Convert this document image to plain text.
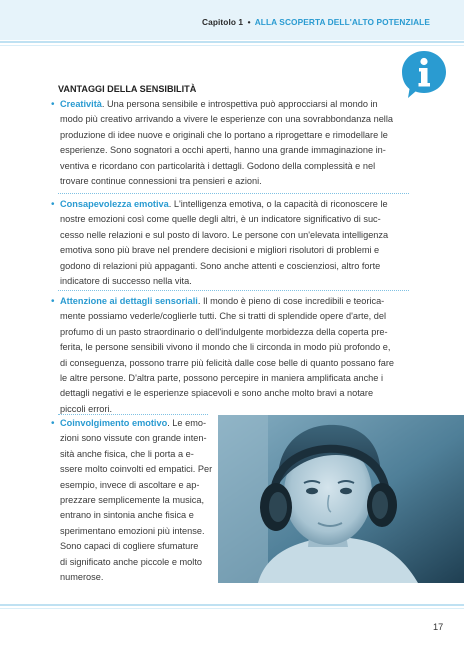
Capitolo 1 • ALLA SCOPERTA DELL'ALTO POTENZIALE
VANTAGGI DELLA SENSIBILITÀ
• Creatività. Una persona sensibile e introspettiva può approcciarsi al mondo in
modo più creativo arrivando a vivere le esperienze con una sovrabbondanza nella
produzione di idee nuove e originali che lo portano a riprogettare e rimodellare le
esperienze. Sono sognatori a occhi aperti, hanno una grande immaginazione in-
ventiva e ricordano con particolarità i dettagli. Godono della complessità e nel
trovare continue connessioni tra pensieri e azioni.
• Consapevolezza emotiva. L'intelligenza emotiva, o la capacità di riconoscere le
nostre emozioni così come quelle degli altri, è un indicatore significativo di suc-
cesso nelle relazioni e sul posto di lavoro. Le persone con un'elevata intelligenza
emotiva sono più brave nel prendere decisioni e migliori risolutori di problemi e
godono di relazioni più appaganti. Sono anche attenti e coscienziosi, altro forte
indicatore di successo nella vita.
• Attenzione ai dettagli sensoriali. Il mondo è pieno di cose incredibili e teorica-
mente possiamo vederle/coglierle tutti. Che si tratti di splendide opere d'arte, del
profumo di un pasto straordinario o dell'indulgente morbidezza della coperta pre-
ferita, le persone sensibili vivono il mondo che li circonda in modo più profondo e,
di conseguenza, possono trarre più felicità dalle cose belle di quanto possano fare
le altre persone. D'altra parte, possono percepire in maniera amplificata anche i
dettagli negativi e le esperienze spiacevoli e sono anche molto bravi a notare
piccoli errori.
• Coinvolgimento emotivo. Le emo-
zioni sono vissute con grande inten-
sità anche fisica, che li porta a e-
ssere molto coinvolti ed empatici. Per
esempio, invece di ascoltare e ap-
prezzare semplicemente la musica,
entrano in sintonia anche fisica e
sperimentano emozioni più intense.
Sono capaci di cogliere sfumature
di significato anche piccole e molto
numerose.
17
